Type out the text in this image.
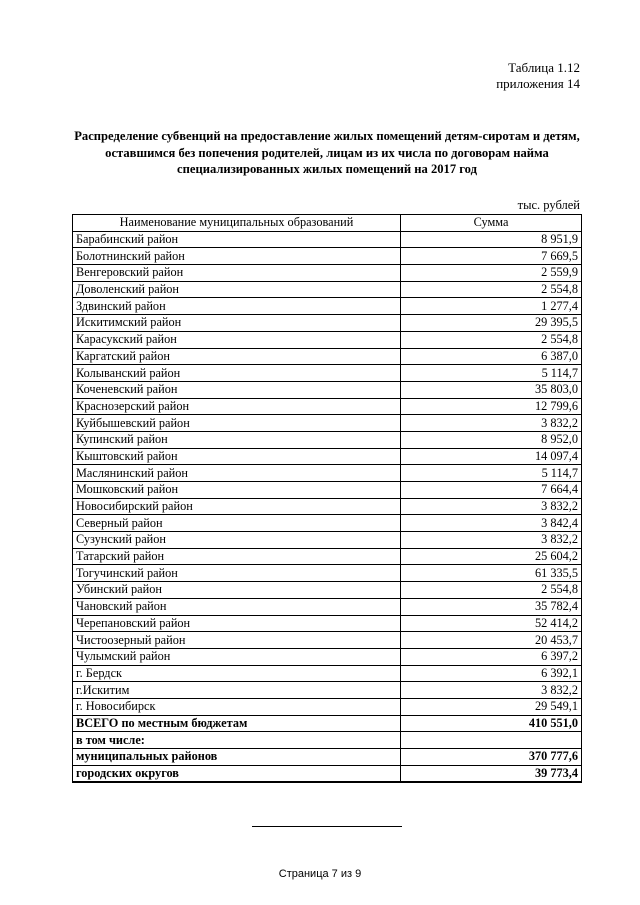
Таблица 1.12
приложения 14
Распределение субвенций на предоставление жилых помещений детям-сиротам и детям, оставшимся без попечения родителей, лицам из их числа по договорам найма специализированных жилых помещений на 2017 год
тыс. рублей
Наименование муниципальных образований	Сумма
Барабинский район	8 951,9
Болотнинский район	7 669,5
Венгеровский район	2 559,9
Доволенский район	2 554,8
Здвинский район	1 277,4
Искитимский район	29 395,5
Карасукский район	2 554,8
Каргатский район	6 387,0
Колыванский район	5 114,7
Коченевский район	35 803,0
Краснозерский район	12 799,6
Куйбышевский район	3 832,2
Купинский район	8 952,0
Кыштовский район	14 097,4
Маслянинский район	5 114,7
Мошковский район	7 664,4
Новосибирский район	3 832,2
Северный район	3 842,4
Сузунский район	3 832,2
Татарский район	25 604,2
Тогучинский район	61 335,5
Убинский район	2 554,8
Чановский район	35 782,4
Черепановский район	52 414,2
Чистоозерный район	20 453,7
Чулымский район	6 397,2
г. Бердск	6 392,1
г.Искитим	3 832,2
г. Новосибирск	29 549,1
ВСЕГО по местным бюджетам	410 551,0
в том числе:	
муниципальных районов	370 777,6
городских округов	39 773,4
Страница 7 из 9
